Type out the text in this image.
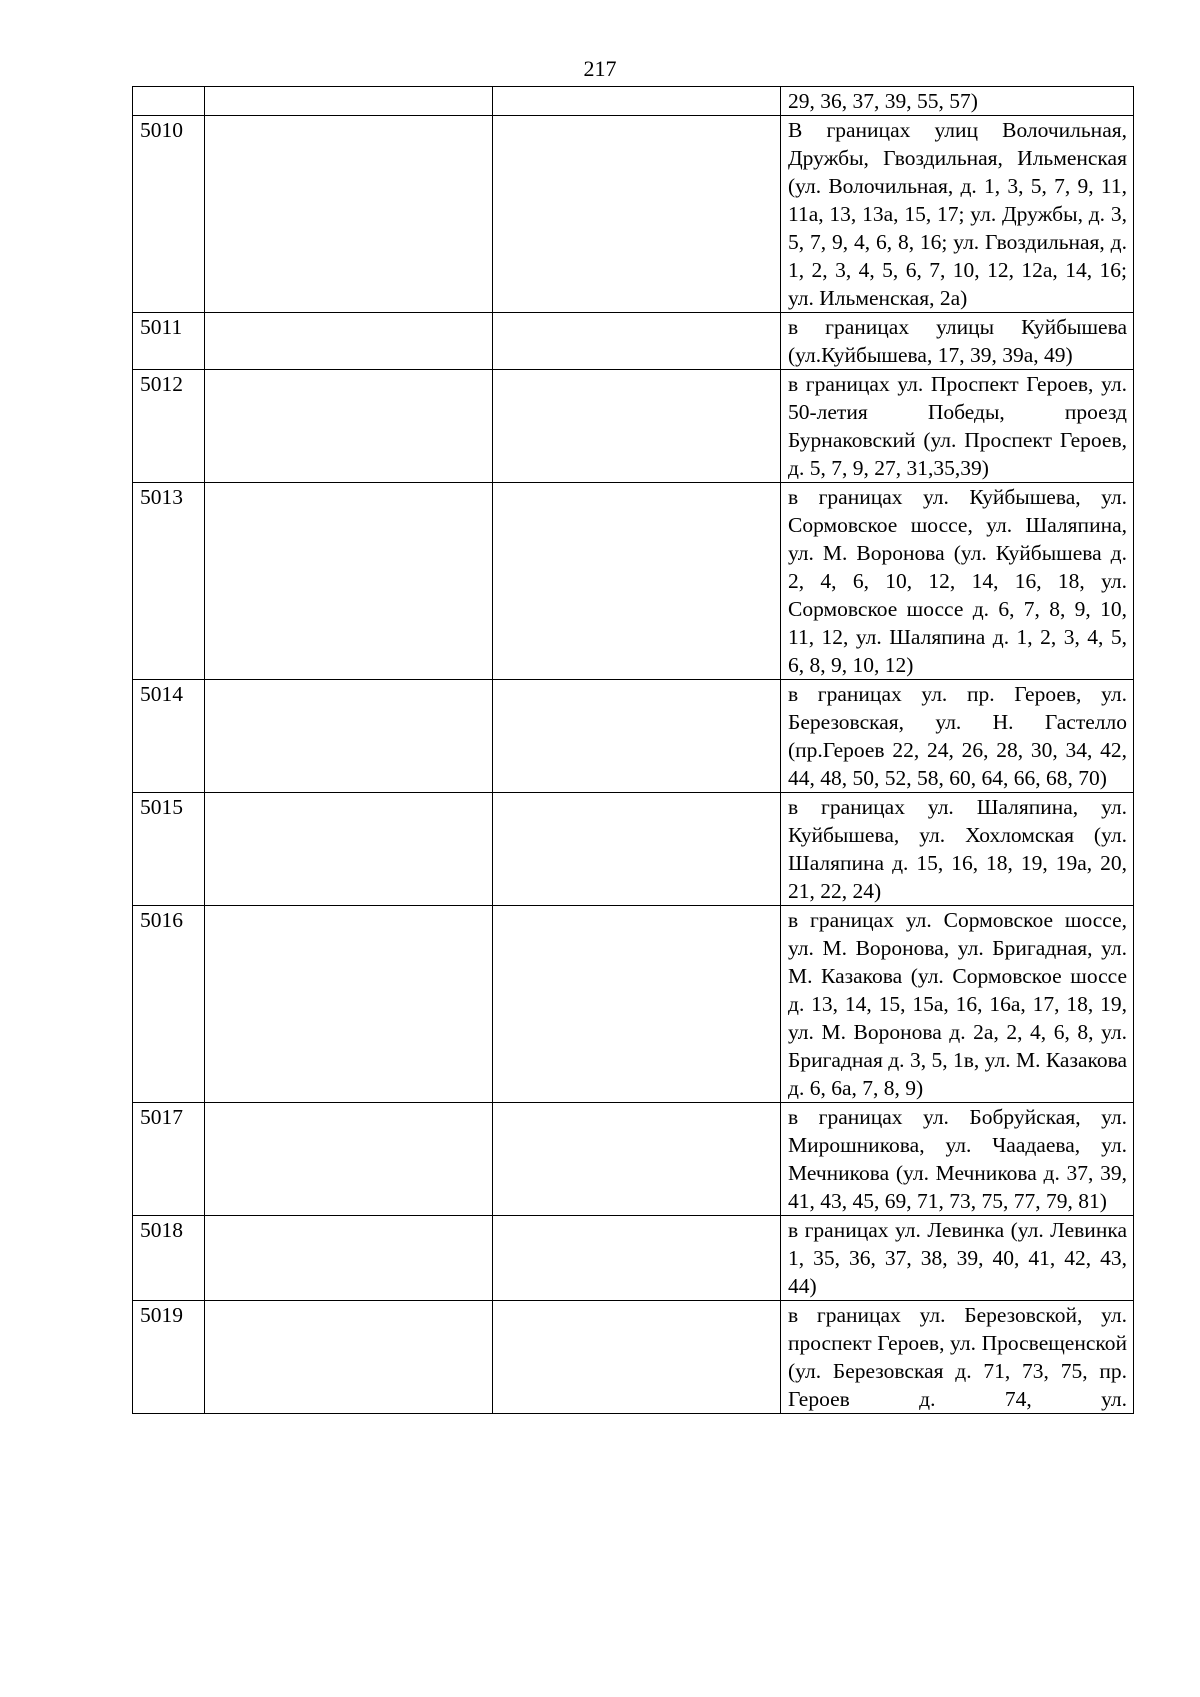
217
			29, 36, 37, 39, 55, 57)
5010			В границах улиц Волочильная, Дружбы, Гвоздильная, Ильменская (ул. Волочильная, д. 1, 3, 5, 7, 9, 11, 11а, 13, 13а, 15, 17; ул. Дружбы, д. 3, 5, 7, 9, 4, 6, 8, 16; ул. Гвоздильная, д. 1, 2, 3, 4, 5, 6, 7, 10, 12, 12а, 14, 16; ул. Ильменская, 2а)
5011			в границах улицы Куйбышева (ул.Куйбышева, 17, 39, 39а, 49)
5012			в границах ул. Проспект Героев, ул. 50-летия Победы, проезд Бурнаковский (ул. Проспект Героев, д. 5, 7, 9, 27, 31,35,39)
5013			в границах ул. Куйбышева, ул. Сормовское шоссе, ул. Шаляпина, ул. М. Воронова (ул. Куйбышева д. 2, 4, 6, 10, 12, 14, 16, 18, ул. Сормовское шоссе д. 6, 7, 8, 9, 10, 11, 12, ул. Шаляпина д. 1, 2, 3, 4, 5, 6, 8, 9, 10, 12)
5014			в границах ул. пр. Героев, ул. Березовская, ул. Н. Гастелло (пр.Героев 22, 24, 26, 28, 30, 34, 42, 44, 48, 50, 52, 58, 60, 64, 66, 68, 70)
5015			в границах ул. Шаляпина, ул. Куйбышева, ул. Хохломская (ул. Шаляпина д. 15, 16, 18, 19, 19а, 20, 21, 22, 24)
5016			в границах ул. Сормовское шоссе, ул. М. Воронова, ул. Бригадная, ул. М. Казакова (ул. Сормовское шоссе д. 13, 14, 15, 15а, 16, 16а, 17, 18, 19, ул. М. Воронова д. 2а, 2, 4, 6, 8, ул. Бригадная д. 3, 5, 1в, ул. М. Казакова д. 6, 6а, 7, 8, 9)
5017			в границах ул. Бобруйская, ул. Мирошникова, ул. Чаадаева, ул. Мечникова (ул. Мечникова д. 37, 39, 41, 43, 45, 69, 71, 73, 75, 77, 79, 81)
5018			в границах ул. Левинка (ул. Левинка 1, 35, 36, 37, 38, 39, 40, 41, 42, 43, 44)
5019			в границах ул. Березовской, ул. проспект Героев, ул. Просвещенской (ул. Березовская д. 71, 73, 75, пр. Героев д. 74, ул.
